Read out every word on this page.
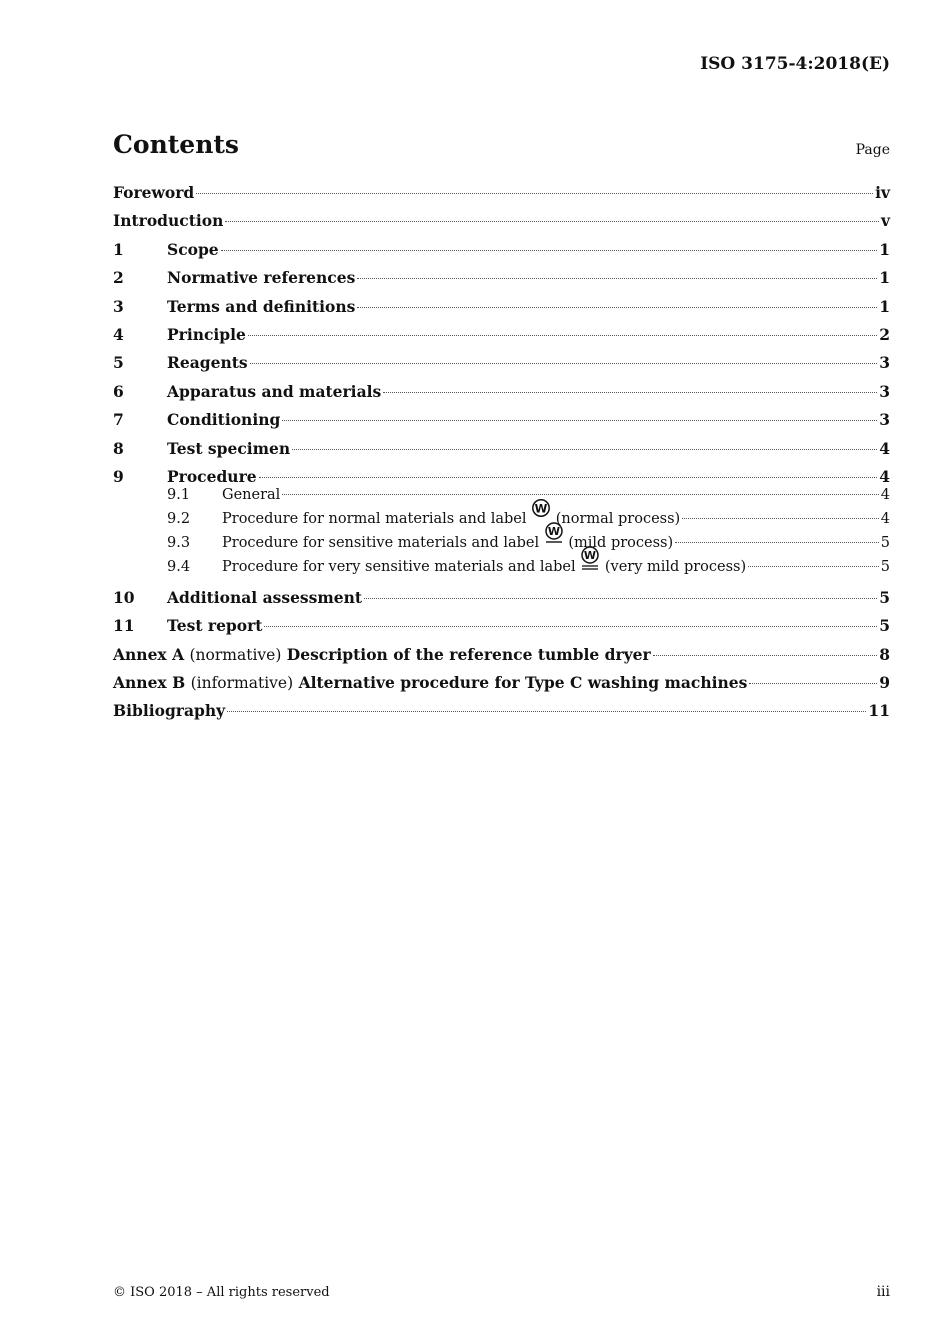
ISO 3175-4:2018(E)
Contents	Page
Foreword	iv
Introduction	v
1	Scope	1
2	Normative references	1
3	Terms and definitions	1
4	Principle	2
5	Reagents	3
6	Apparatus and materials	3
7	Conditioning	3
8	Test specimen	4
9	Procedure	4
9.1	General	4
9.2	Procedure for normal materials and label
W
(normal process)	4
9.3	Procedure for sensitive materials and label
W
(mild process)	5
9.4	Procedure for very sensitive materials and label
W
(very mild process)	5
10	Additional assessment	5
11	Test report	5
Annex A (normative) Description of the reference tumble dryer	8
Annex B (informative) Alternative procedure for Type C washing machines	9
Bibliography	11
© ISO 2018 – All rights reserved	iii
